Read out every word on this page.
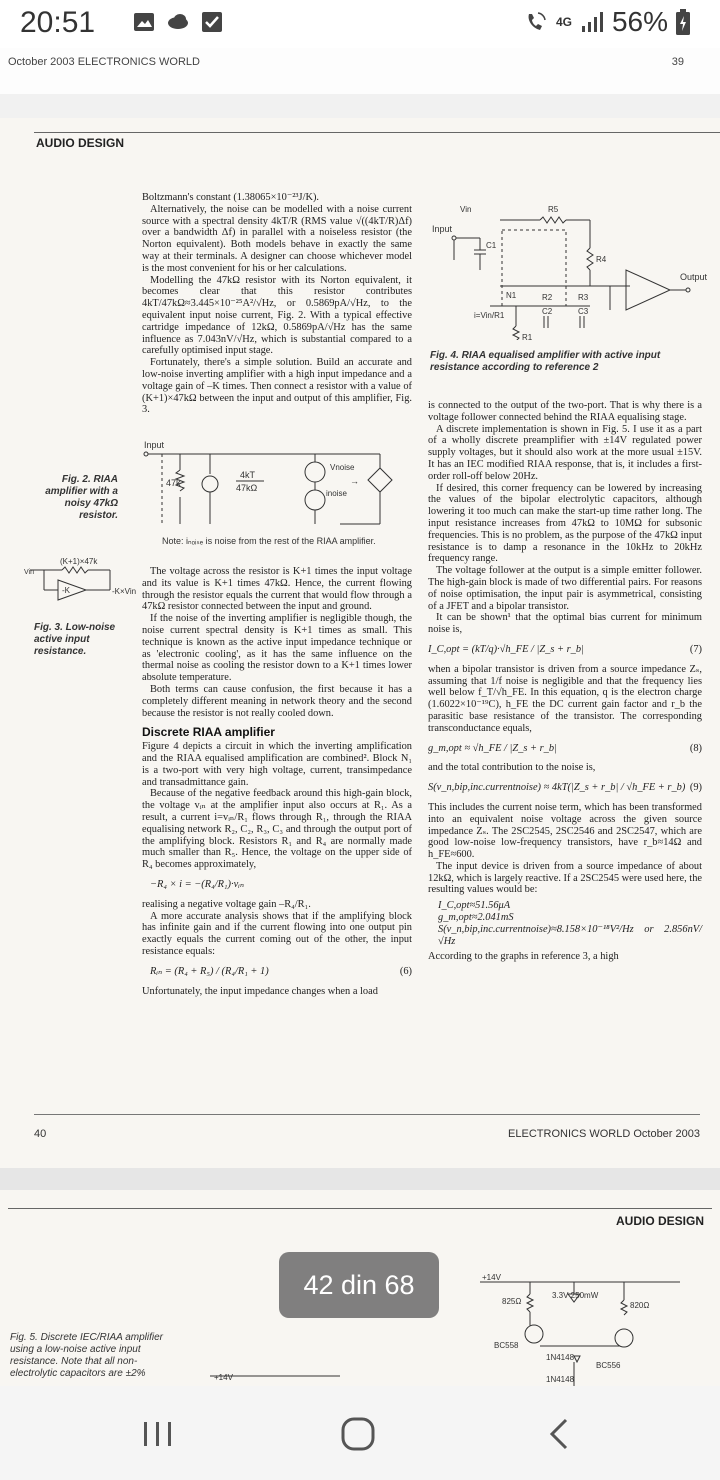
20:51	4G 56%
October 2003 ELECTRONICS WORLD	39
AUDIO DESIGN

Boltzmann's constant (1.38065×10⁻²³J/K).

Alternatively, the noise can be modelled with a noise current source with a spectral density 4kT/R (RMS value √((4kT/R)Δf) over a bandwidth Δf) in parallel with a noiseless resistor (the Norton equivalent). Both models behave in exactly the same way at their terminals. A designer can choose whichever model is the most convenient for his or her calculations.

Modelling the 47kΩ resistor with its Norton equivalent, it becomes clear that this resistor contributes 4kT/47kΩ≈3.445×10⁻²⁵A²/√Hz, or 0.5869pA/√Hz, to the equivalent input noise current, Fig. 2. With a typical effective cartridge impedance of 12kΩ, 0.5869pA/√Hz has the same influence as 7.043nV/√Hz, which is substantial compared to a carefully optimised input stage.

Fortunately, there's a simple solution. Build an accurate and low-noise inverting amplifier with a high input impedance and a voltage gain of –K times. Then connect a resistor with a value of (K+1)×47kΩ between the input and output of this amplifier, Fig. 3.

Fig. 2. RIAA amplifier with a noisy 47kΩ resistor.
Input
47k
4kT
47kΩ
Vnoise
inoise
→
Note: iₙₒᵢₛₑ is noise from the rest of the RIAA amplifier.
(K+1)×47k
-K	-K×Vin
Vin
Fig. 3. Low-noise active input resistance.

The voltage across the resistor is K+1 times the input voltage and its value is K+1 times 47kΩ. Hence, the current flowing through the resistor equals the current that would flow through a 47kΩ resistor connected between the input and ground.

If the noise of the inverting amplifier is negligible though, the noise current spectral density is K+1 times as small. This technique is known as the active input impedance technique or as 'electronic cooling', as it has the same influence on the thermal noise as cooling the resistor down to a K+1 times lower absolute temperature.

Both terms can cause confusion, the first because it has a completely different meaning in network theory and the second because the resistor is not really cooled down.

Discrete RIAA amplifier

Figure 4 depicts a circuit in which the inverting amplification and the RIAA equalised amplification are combined². Block N₁ is a two-port with very high voltage, current, transimpedance and transadmittance gain.

Because of the negative feedback around this high-gain block, the voltage vᵢₙ at the amplifier input also occurs at R₁. As a result, a current i=vᵢₙ/R₁ flows through R₁, through the RIAA equalising network R₂, C₂, R₃, C₃ and through the output port of the amplifying block. Resistors R₁ and R₄ are normally made much smaller than R₅. Hence, the voltage on the upper side of R₄ becomes approximately,

−R₄ × i = −(R₄/R₁)·vᵢₙ

realising a negative voltage gain –R₄/R₁.

A more accurate analysis shows that if the amplifying block has infinite gain and if the current flowing into one output pin exactly equals the current coming out of the other, the input resistance equals:

Rᵢₙ = (R₄ + R₅) / (R₄/R₁ + 1)	(6)

Unfortunately, the input impedance changes when a load

Input
Vin
C1
R5
R4
N1	R2	R3
C2	C3
R1
i=Vin/R1
Output
Fig. 4. RIAA equalised amplifier with active input resistance according to reference 2

is connected to the output of the two-port. That is why there is a voltage follower connected behind the RIAA equalising stage.

A discrete implementation is shown in Fig. 5. I use it as a part of a wholly discrete preamplifier with ±14V regulated power supply voltages, but it should also work at the more usual ±15V. It has an IEC modified RIAA response, that is, it includes a first-order roll-off below 20Hz.

If desired, this corner frequency can be lowered by increasing the values of the bipolar electrolytic capacitors, although lowering it too much can make the start-up time rather long. The input resistance increases from 47kΩ to 10MΩ for subsonic frequencies. This is no problem, as the purpose of the 47kΩ input resistance is to damp a resonance in the 10kHz to 20kHz frequency range.

The voltage follower at the output is a simple emitter follower. The high-gain block is made of two differential pairs. For reasons of noise optimisation, the input pair is asymmetrical, consisting of a JFET and a bipolar transistor.

It can be shown¹ that the optimal bias current for minimum noise is,

I_C,opt = (kT/q)·√h_FE / |Z_s + r_b|	(7)

when a bipolar transistor is driven from a source impedance Zₛ, assuming that 1/f noise is negligible and that the frequency lies well below f_T/√h_FE. In this equation, q is the electron charge (1.6022×10⁻¹⁹C), h_FE the DC current gain factor and r_b the parasitic base resistance of the transistor. The corresponding transconductance equals,

g_m,opt ≈ √h_FE / |Z_s + r_b|	(8)

and the total contribution to the noise is,

S(v_n,bip,inc.currentnoise) ≈ 4kT(|Z_s + r_b| / √h_FE + r_b) (9)

This includes the current noise term, which has been transformed into an equivalent noise voltage across the given source impedance Zₛ. The 2SC2545, 2SC2546 and 2SC2547, which are good low-noise low-frequency transistors, have r_b≈14Ω and h_FE≈600.

The input device is driven from a source impedance of about 12kΩ, which is largely reactive. If a 2SC2545 were used here, the resulting values would be:

I_C,opt≈51.56μA
g_m,opt≈2.041mS
S(v_n,bip,inc.currentnoise)≈8.158×10⁻¹⁸V²/Hz or 2.856nV/√Hz

According to the graphs in reference 3, a high

40	ELECTRONICS WORLD October 2003
AUDIO DESIGN
Fig. 5. Discrete IEC/RIAA amplifier using a low-noise active input resistance. Note that all non-electrolytic capacitors are ±2%	+14V
+14V
825Ω
3.3V 250mW
820Ω
BC558
1N4148
BC556
1N4148
42 din 68
